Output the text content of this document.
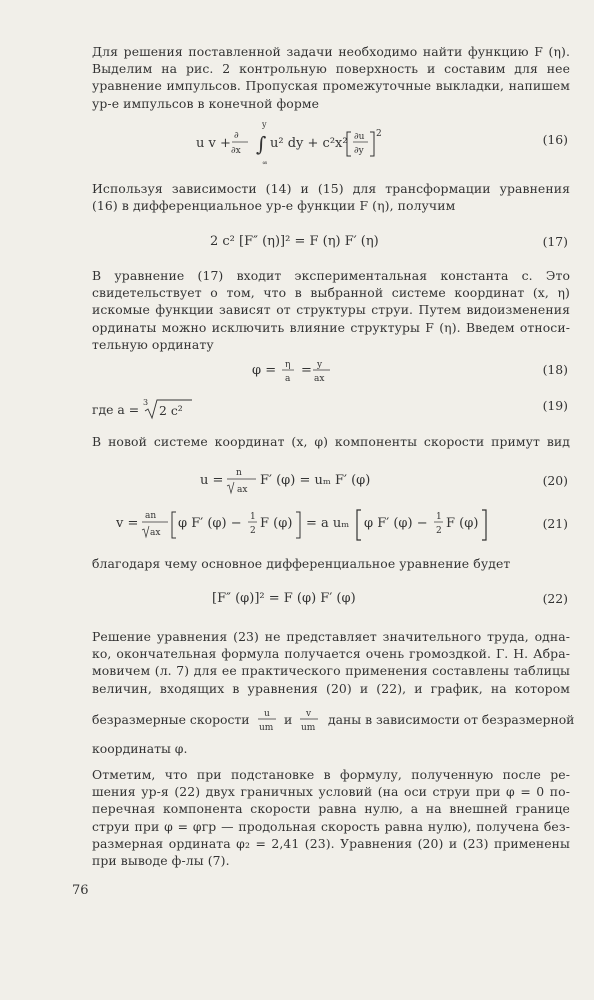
Для решения поставленной задачи необходимо найти функцию F (η).
Выделим на рис. 2 контрольную поверхность и составим для нее
уравнение импульсов. Пропуская промежуточные выкладки, напишем
ур-е импульсов в конечной форме
u v + ∂
∂x ∫
y
∞
u² dy + c²x² ∂u
∂y
2	(16)
Используя зависимости (14) и (15) для трансформации уравнения
(16) в дифференциальное ур-е функции F (η), получим
2 c² [F″ (η)]² = F (η) F′ (η)	(17)
В уравнение (17) входит экспериментальная константа c. Это
свидетельствует о том, что в выбранной системе координат (x, η)
искомые функции зависят от структуры струи. Путем видоизменения
ординаты можно исключить влияние структуры F (η). Введем относи-
тельную ординату
φ = η
a
= y
ax
(18)
где a = 3
2 c²	(19)
В новой системе координат (x, φ) компоненты скорости примут вид
u = n
ax
F′ (φ) = uₘ F′ (φ)	(20)
v = an
ax
φ F′ (φ) − 1
2 F (φ) = a uₘ φ F′ (φ) − 1
2 F (φ)	(21)
благодаря чему основное дифференциальное уравнение будет
[F″ (φ)]² = F (φ) F′ (φ)	(22)
Решение уравнения (23) не представляет значительного труда, одна-
ко, окончательная формула получается очень громоздкой. Г. Н. Абра-
мовичем (л. 7) для ее практического применения составлены таблицы
величин, входящих в уравнения (20) и (22), и график, на котором
безразмерные скорости u
um
и v
um
даны в зависимости от безразмерной
координаты φ.
Отметим, что при подстановке в формулу, полученную после ре-
шения ур-я (22) двух граничных условий (на оси струи при φ = 0 по-
перечная компонента скорости равна нулю, а на внешней границе
струи при φ = φгр — продольная скорость равна нулю), получена без-
размерная ордината φ₂ = 2,41 (23). Уравнения (20) и (23) применены
при выводе ф-лы (7).
76
